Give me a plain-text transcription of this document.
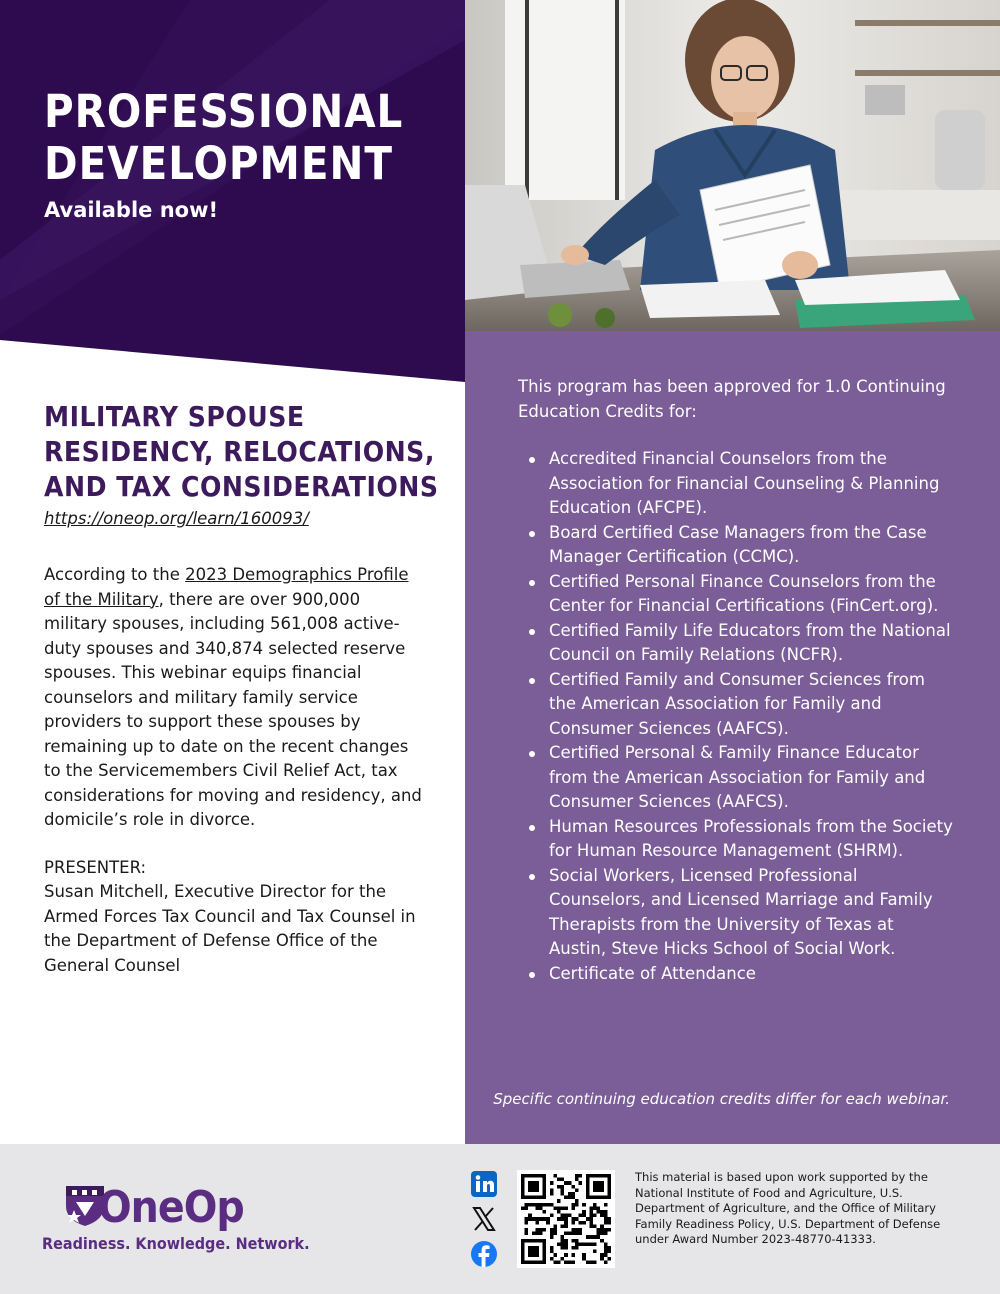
PROFESSIONAL
DEVELOPMENT
Available now!
This program has been approved for 1.0 Continuing Education Credits for:
Accredited Financial Counselors from the Association for Financial Counseling & Planning Education (AFCPE).
Board Certified Case Managers from the Case Manager Certification (CCMC).
Certified Personal Finance Counselors from the Center for Financial Certifications (FinCert.org).
Certified Family Life Educators from the National Council on Family Relations (NCFR).
Certified Family and Consumer Sciences from the American Association for Family and Consumer Sciences (AAFCS).
Certified Personal & Family Finance Educator from the American Association for Family and Consumer Sciences (AAFCS).
Human Resources Professionals from the Society for Human Resource Management (SHRM).
Social Workers, Licensed Professional Counselors, and Licensed Marriage and Family Therapists from the University of Texas at Austin, Steve Hicks School of Social Work.
Certificate of Attendance
Specific continuing education credits differ for each webinar.
MILITARY SPOUSE
RESIDENCY, RELOCATIONS,
AND TAX CONSIDERATIONS
https://oneop.org/learn/160093/
According to the 2023 Demographics Profile of the Military, there are over 900,000 military spouses, including 561,008 active-duty spouses and 340,874 selected reserve spouses. This webinar equips financial counselors and military family service providers to support these spouses by remaining up to date on the recent changes to the Servicemembers Civil Relief Act, tax considerations for moving and residency, and domicile’s role in divorce.
PRESENTER:
Susan Mitchell, Executive Director for the Armed Forces Tax Council and Tax Counsel in the Department of Defense Office of the General Counsel
OneOp
Readiness. Knowledge. Network.
This material is based upon work supported by the National Institute of Food and Agriculture, U.S. Department of Agriculture, and the Office of Military Family Readiness Policy, U.S. Department of Defense under Award Number 2023-48770-41333.
